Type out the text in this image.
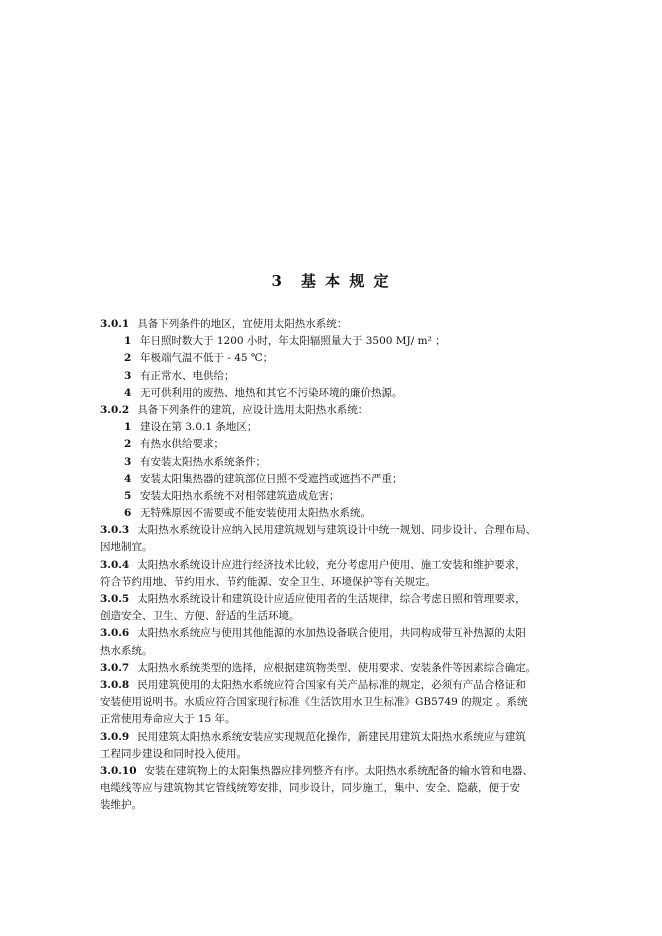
3　基 本 规 定
3.0.1 具备下列条件的地区，宜使用太阳热水系统：
1 年日照时数大于 1200 小时，年太阳辐照量大于 3500 MJ/ m² ；
2 年极端气温不低于 - 45 ℃；
3 有正常水、电供给；
4 无可供利用的废热、地热和其它不污染环境的廉价热源。
3.0.2 具备下列条件的建筑，应设计选用太阳热水系统：
1 建设在第 3.0.1 条地区；
2 有热水供给要求；
3 有安装太阳热水系统条件；
4 安装太阳集热器的建筑部位日照不受遮挡或遮挡不严重；
5 安装太阳热水系统不对相邻建筑造成危害；
6 无特殊原因不需要或不能安装使用太阳热水系统。
3.0.3 太阳热水系统设计应纳入民用建筑规划与建筑设计中统一规划、同步设计、合理布局、
因地制宜。
3.0.4 太阳热水系统设计应进行经济技术比较，充分考虑用户使用、施工安装和维护要求，
符合节约用地、节约用水、节约能源、安全卫生、环境保护等有关规定。
3.0.5 太阳热水系统设计和建筑设计应适应使用者的生活规律，综合考虑日照和管理要求，
创造安全、卫生、方便、舒适的生活环境。
3.0.6 太阳热水系统应与使用其他能源的水加热设备联合使用，共同构成带互补热源的太阳
热水系统。
3.0.7 太阳热水系统类型的选择，应根据建筑物类型、使用要求、安装条件等因素综合确定。
3.0.8 民用建筑使用的太阳热水系统应符合国家有关产品标准的规定，必须有产品合格证和
安装使用说明书。水质应符合国家现行标准《生活饮用水卫生标准》GB5749 的规定 。系统
正常使用寿命应大于 15 年。
3.0.9 民用建筑太阳热水系统安装应实现规范化操作，新建民用建筑太阳热水系统应与建筑
工程同步建设和同时投入使用。
3.0.10 安装在建筑物上的太阳集热器应排列整齐有序。太阳热水系统配备的输水管和电器、
电缆线等应与建筑物其它管线统筹安排，同步设计，同步施工，集中、安全、隐蔽，便于安
装维护。
